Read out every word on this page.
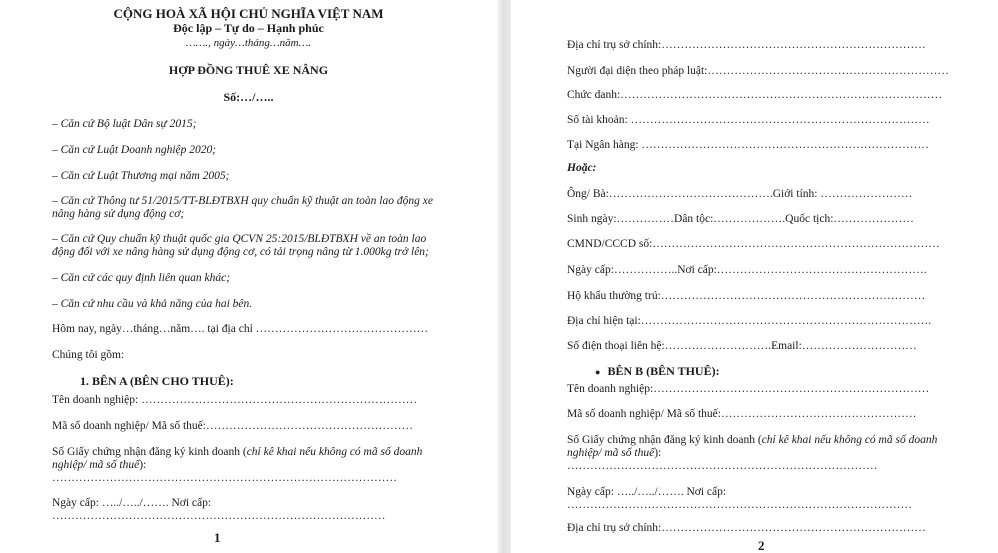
CỘNG HOÀ XÃ HỘI CHỦ NGHĨA VIỆT NAM
Độc lập – Tự do – Hạnh phúc
……., ngày…tháng…năm….
HỢP ĐỒNG THUÊ XE NÂNG
Số:…/…..
– Căn cứ Bộ luật Dân sự 2015;
– Căn cứ Luật Doanh nghiệp 2020;
– Căn cứ Luật Thương mại năm 2005;
– Căn cứ Thông tư 51/2015/TT-BLĐTBXH quy chuẩn kỹ thuật an toàn lao động xe
nâng hàng sử dụng động cơ;
– Căn cứ Quy chuẩn kỹ thuật quốc gia QCVN 25:2015/BLĐTBXH về an toàn lao
động đối với xe nâng hàng sử dụng động cơ, có tải trọng nâng từ 1.000kg trở lên;
– Căn cứ các quy định liên quan khác;
– Căn cứ nhu cầu và khả năng của hai bên.
Hôm nay, ngày…tháng…năm…. tại địa chỉ ………………………………………
Chúng tôi gồm:
1. BÊN A (BÊN CHO THUÊ):
Tên doanh nghiệp: ………………………………………………………………
Mã số doanh nghiệp/ Mã số thuế:………………………………………………
Số Giấy chứng nhận đăng ký kinh doanh (chỉ kê khai nếu không có mã số doanh
nghiệp/ mã số thuế):
………………………………………………………………………………
Ngày cấp: …../…../……. Nơi cấp:
……………………………………………………………………………
1
Địa chỉ trụ sở chính:……………………………………………………………
Người đại diện theo pháp luật:………………………………………………………
Chức danh:…………………………………………………………………………
Số tài khoản: ……………………………………………………………………
Tại Ngân hàng: …………………………………………………………………
Hoặc:
Ông/ Bà:…………………………………….Giới tính: ……………………
Sinh ngày:……………Dân tộc:……………….Quốc tịch:…………………
CMND/CCCD số:…………………………………………………………………
Ngày cấp:……………..Nơi cấp:……………………………………………….
Hộ khẩu thường trú:……………………………………………………………
Địa chỉ hiện tại:………………………………………………………………….
Số điện thoại liên hệ:……………………….Email:…………………………
● BÊN B (BÊN THUÊ):
Tên doanh nghiệp:………………………………………………………………
Mã số doanh nghiệp/ Mã số thuế:……………………………………………
Số Giấy chứng nhận đăng ký kinh doanh (chỉ kê khai nếu không có mã số doanh
nghiệp/ mã số thuế):
………………………………………………………………………
Ngày cấp: …../…../……. Nơi cấp:
………………………………………………………………………………
Địa chỉ trụ sở chính:……………………………………………………………
2
